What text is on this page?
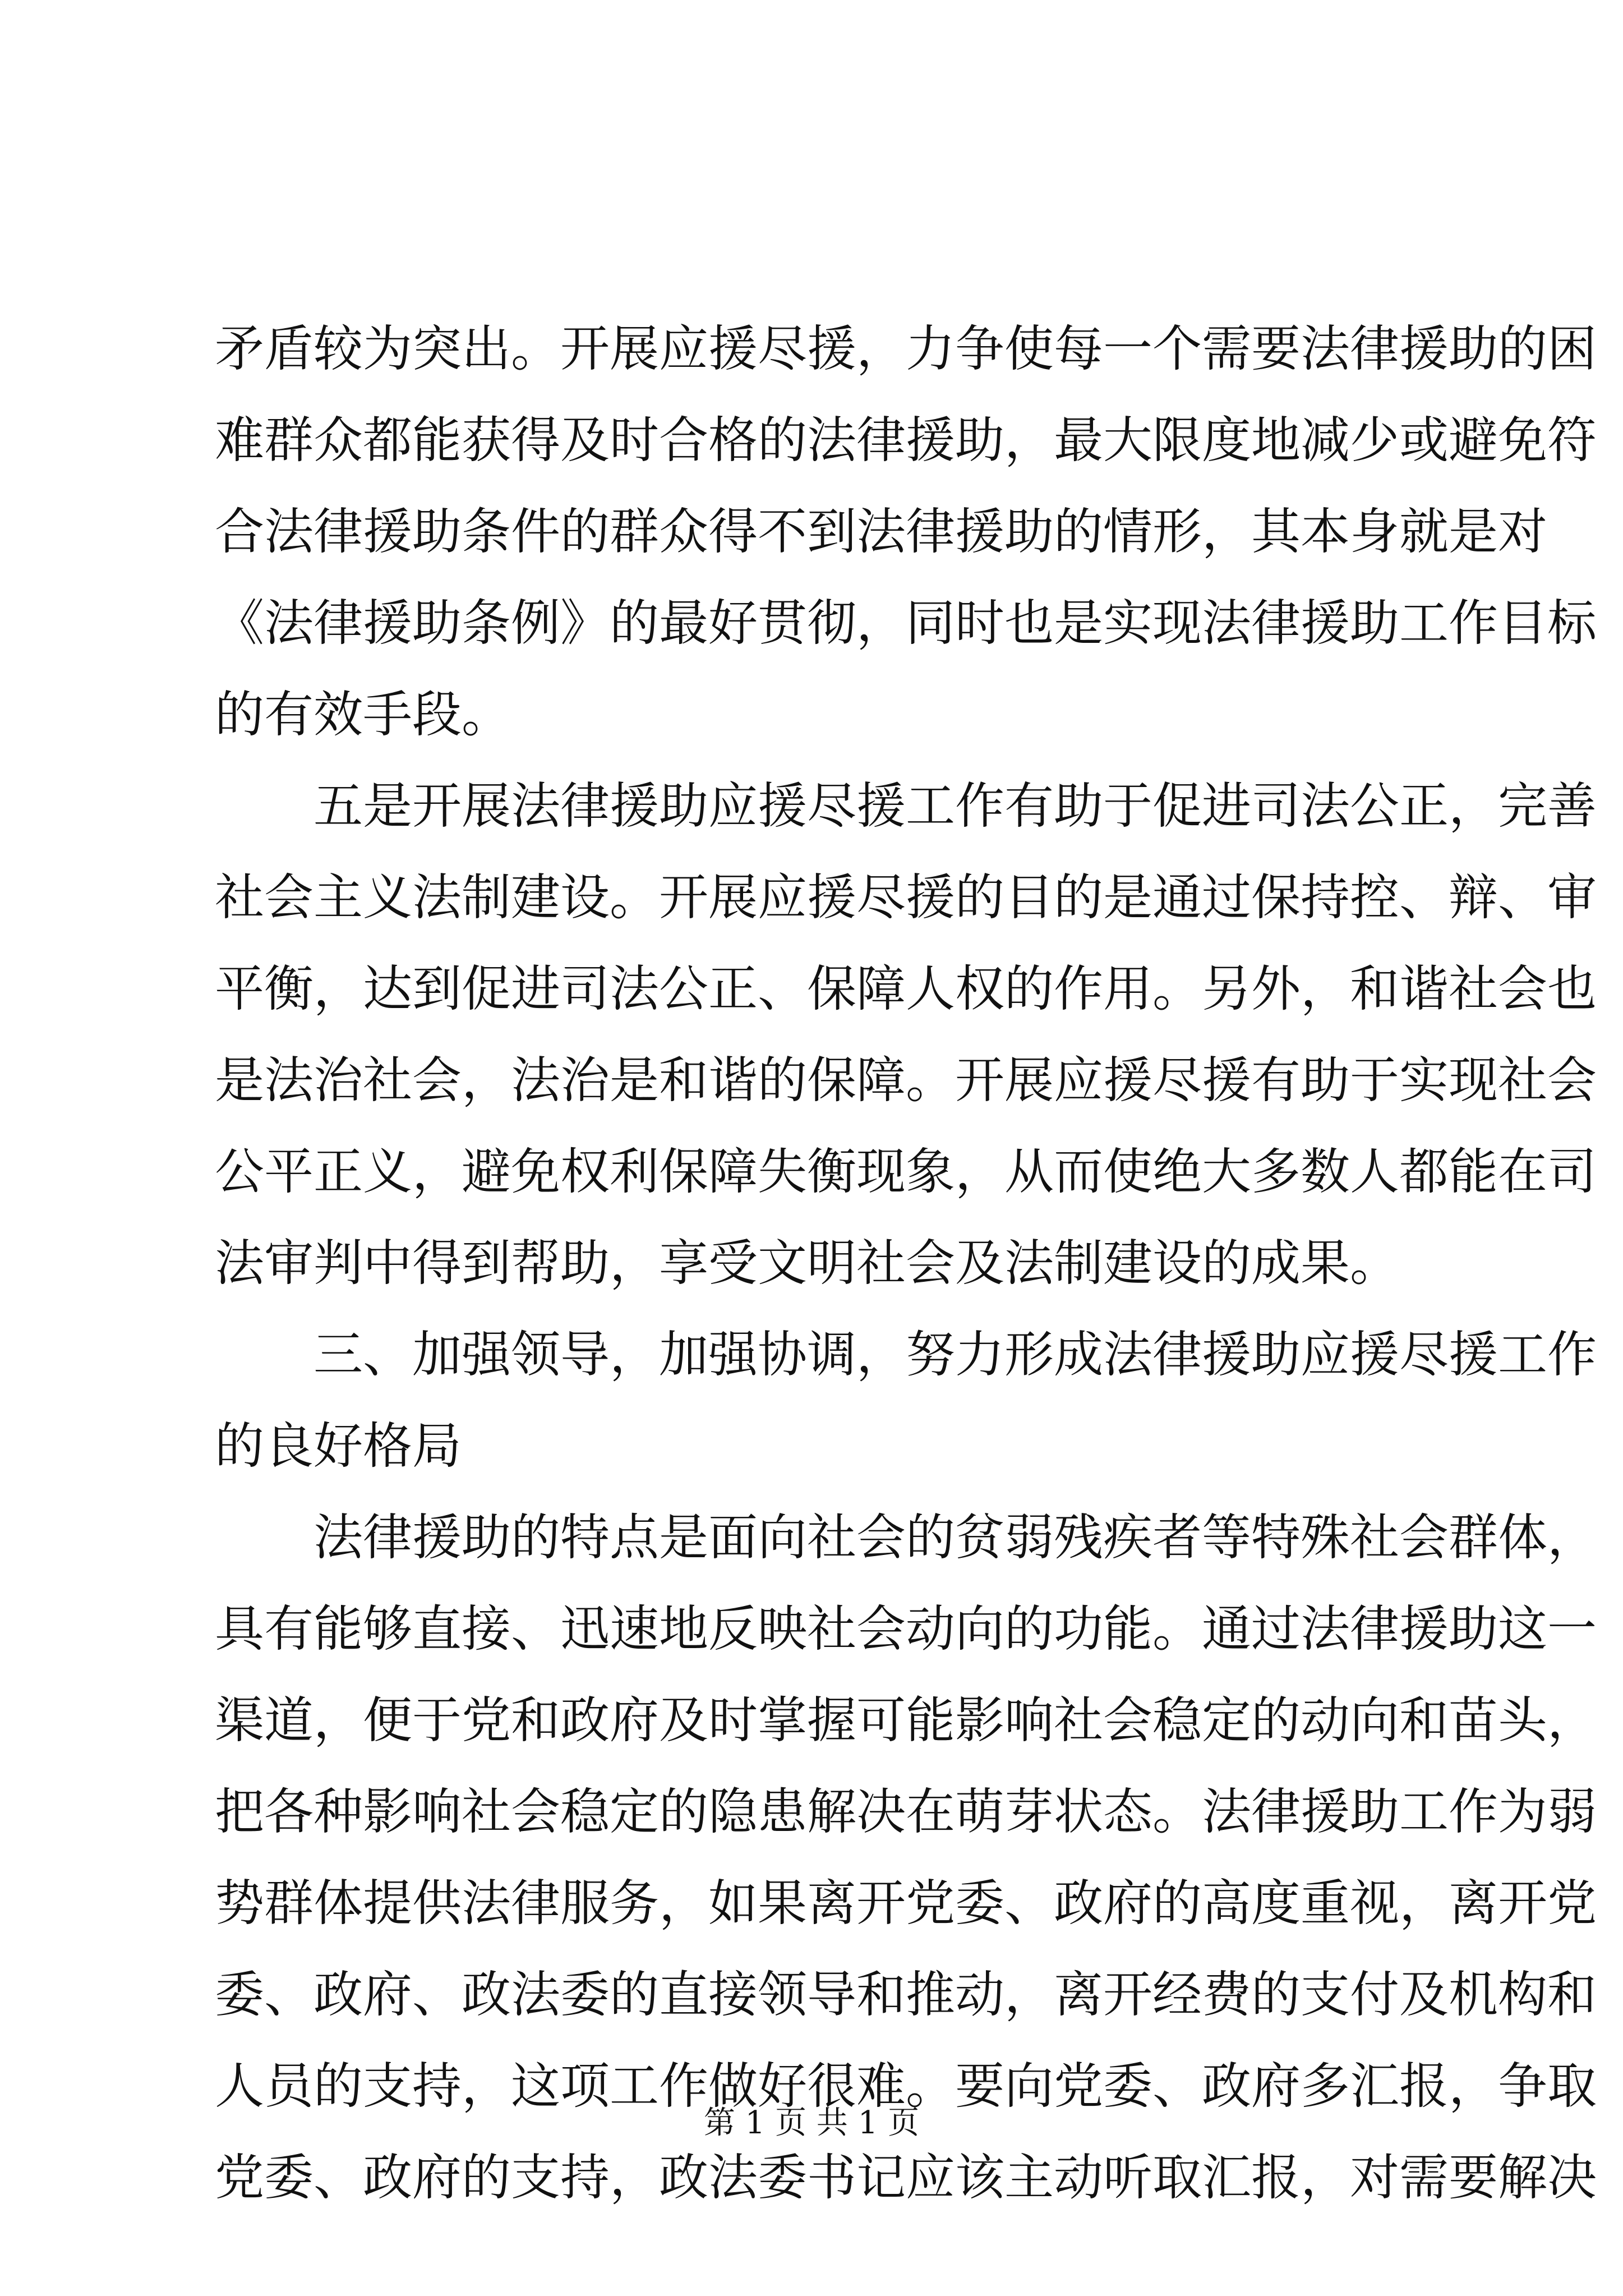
矛盾较为突出。开展应援尽援，力争使每一个需要法律援助的困
难群众都能获得及时合格的法律援助，最大限度地减少或避免符
合法律援助条件的群众得不到法律援助的情形，其本身就是对
《法律援助条例》的最好贯彻，同时也是实现法律援助工作目标
的有效手段。
五是开展法律援助应援尽援工作有助于促进司法公正，完善
社会主义法制建设。开展应援尽援的目的是通过保持控、辩、审
平衡，达到促进司法公正、保障人权的作用。另外，和谐社会也
是法治社会，法治是和谐的保障。开展应援尽援有助于实现社会
公平正义，避免权利保障失衡现象，从而使绝大多数人都能在司
法审判中得到帮助，享受文明社会及法制建设的成果。
三、加强领导，加强协调，努力形成法律援助应援尽援工作
的良好格局
法律援助的特点是面向社会的贫弱残疾者等特殊社会群体，
具有能够直接、迅速地反映社会动向的功能。通过法律援助这一
渠道，便于党和政府及时掌握可能影响社会稳定的动向和苗头，
把各种影响社会稳定的隐患解决在萌芽状态。法律援助工作为弱
势群体提供法律服务，如果离开党委、政府的高度重视，离开党
委、政府、政法委的直接领导和推动，离开经费的支付及机构和
人员的支持，这项工作做好很难。要向党委、政府多汇报，争取
党委、政府的支持，政法委书记应该主动听取汇报，对需要解决
第 1 页 共 1 页
